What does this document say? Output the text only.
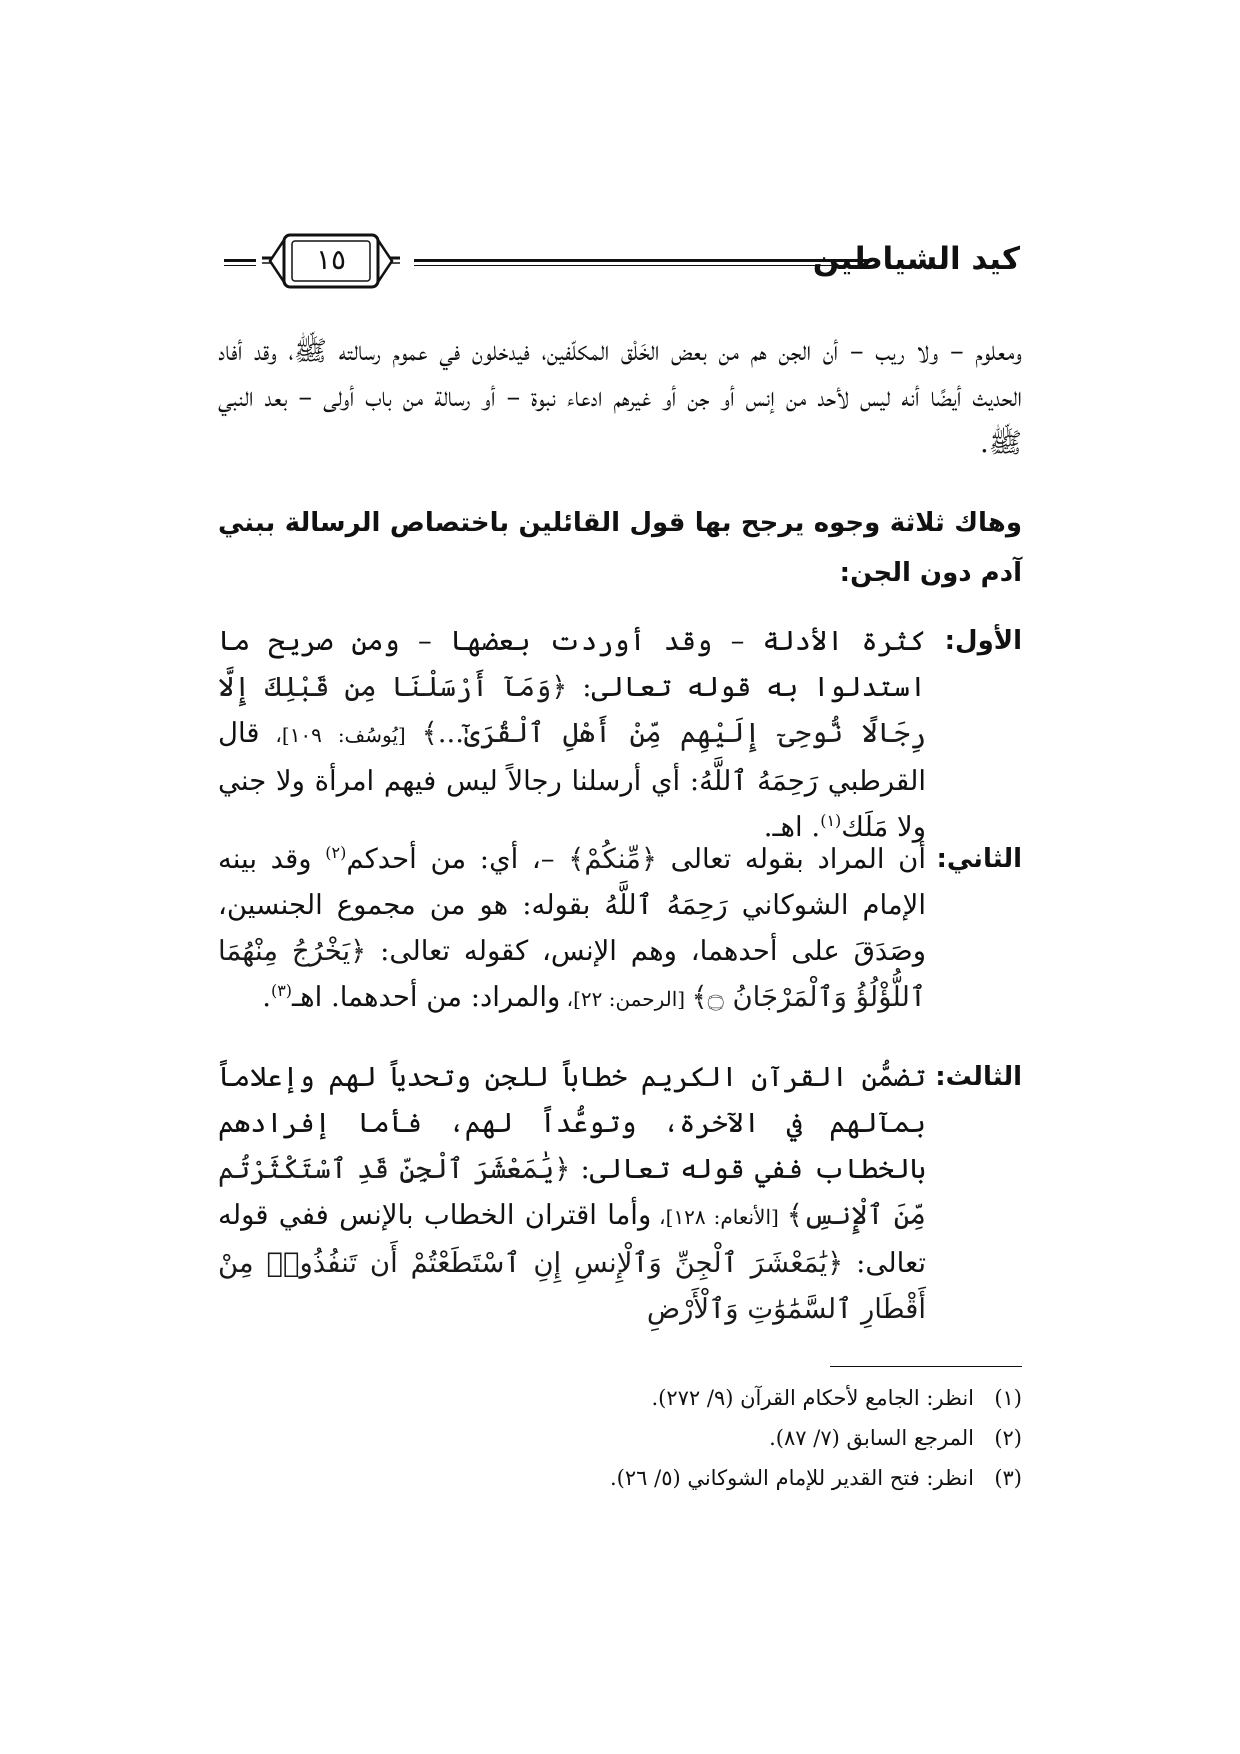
كيد الشياطين
١٥
ومعلوم – ولا ريب – أن الجن هم من بعض الخَلْق المكلّفين، فيدخلون في عموم رسالته ﷺ، وقد أفاد الحديث أيضًا أنه ليس لأحد من إنس أو جن أو غيرهم ادعاء نبوة – أو رسالة من باب أولى – بعد النبي ﷺ.
وهاك ثلاثة وجوه يرجح بها قول القائلين باختصاص الرسالة ببني آدم دون الجن:
الأول:
كثرة الأدلة – وقد أوردت بعضها – ومن صريح ما استدلوا به قوله تعالى: ﴿وَمَآ أَرْسَلْنَا مِن قَبْلِكَ إِلَّا رِجَالًا نُّوحِىٓ إِلَيْهِم مِّنْ أَهْلِ ٱلْقُرَىٰٓ...﴾ [يُوسُف: ١٠٩]، قال القرطبي رَحِمَهُ ٱللَّهُ: أي أرسلنا رجالاً ليس فيهم امرأة ولا جني ولا مَلَك$^{(١)}$. اهـ.
الثاني:
أن المراد بقوله تعالى ﴿مِّنكُمْ﴾ –، أي: من أحدكم$^{(٢)}$ وقد بينه الإمام الشوكاني رَحِمَهُ ٱللَّهُ بقوله: هو من مجموع الجنسين، وصَدَقَ على أحدهما، وهم الإنس، كقوله تعالى: ﴿يَخْرُجُ مِنْهُمَا ٱللُّؤْلُؤُ وَٱلْمَرْجَانُ ۝﴾ [الرحمن: ٢٢]، والمراد: من أحدهما. اهـ$^{(٣)}$.
الثالث:
تضمُّن القرآن الكريم خطاباً للجن وتحدياً لهم وإعلاماً بمآلهم في الآخرة، وتوعُّداً لهم، فأما إفرادهم بالخطاب ففي قوله تعالى: ﴿يَٰمَعْشَرَ ٱلْجِنِّ قَدِ ٱسْتَكْثَرْتُم مِّنَ ٱلْإِنسِ﴾ [الأنعام: ١٢٨]، وأما اقتران الخطاب بالإنس ففي قوله تعالى: ﴿يَٰمَعْشَرَ ٱلْجِنِّ وَٱلْإِنسِ إِنِ ٱسْتَطَعْتُمْ أَن تَنفُذُوا۟ مِنْ أَقْطَارِ ٱلسَّمَٰوَٰتِ وَٱلْأَرْضِ
(١)انظر: الجامع لأحكام القرآن (٩/ ٢٧٢).
(٢)المرجع السابق (٧/ ٨٧).
(٣)انظر: فتح القدير للإمام الشوكاني (٥/ ٢٦).
